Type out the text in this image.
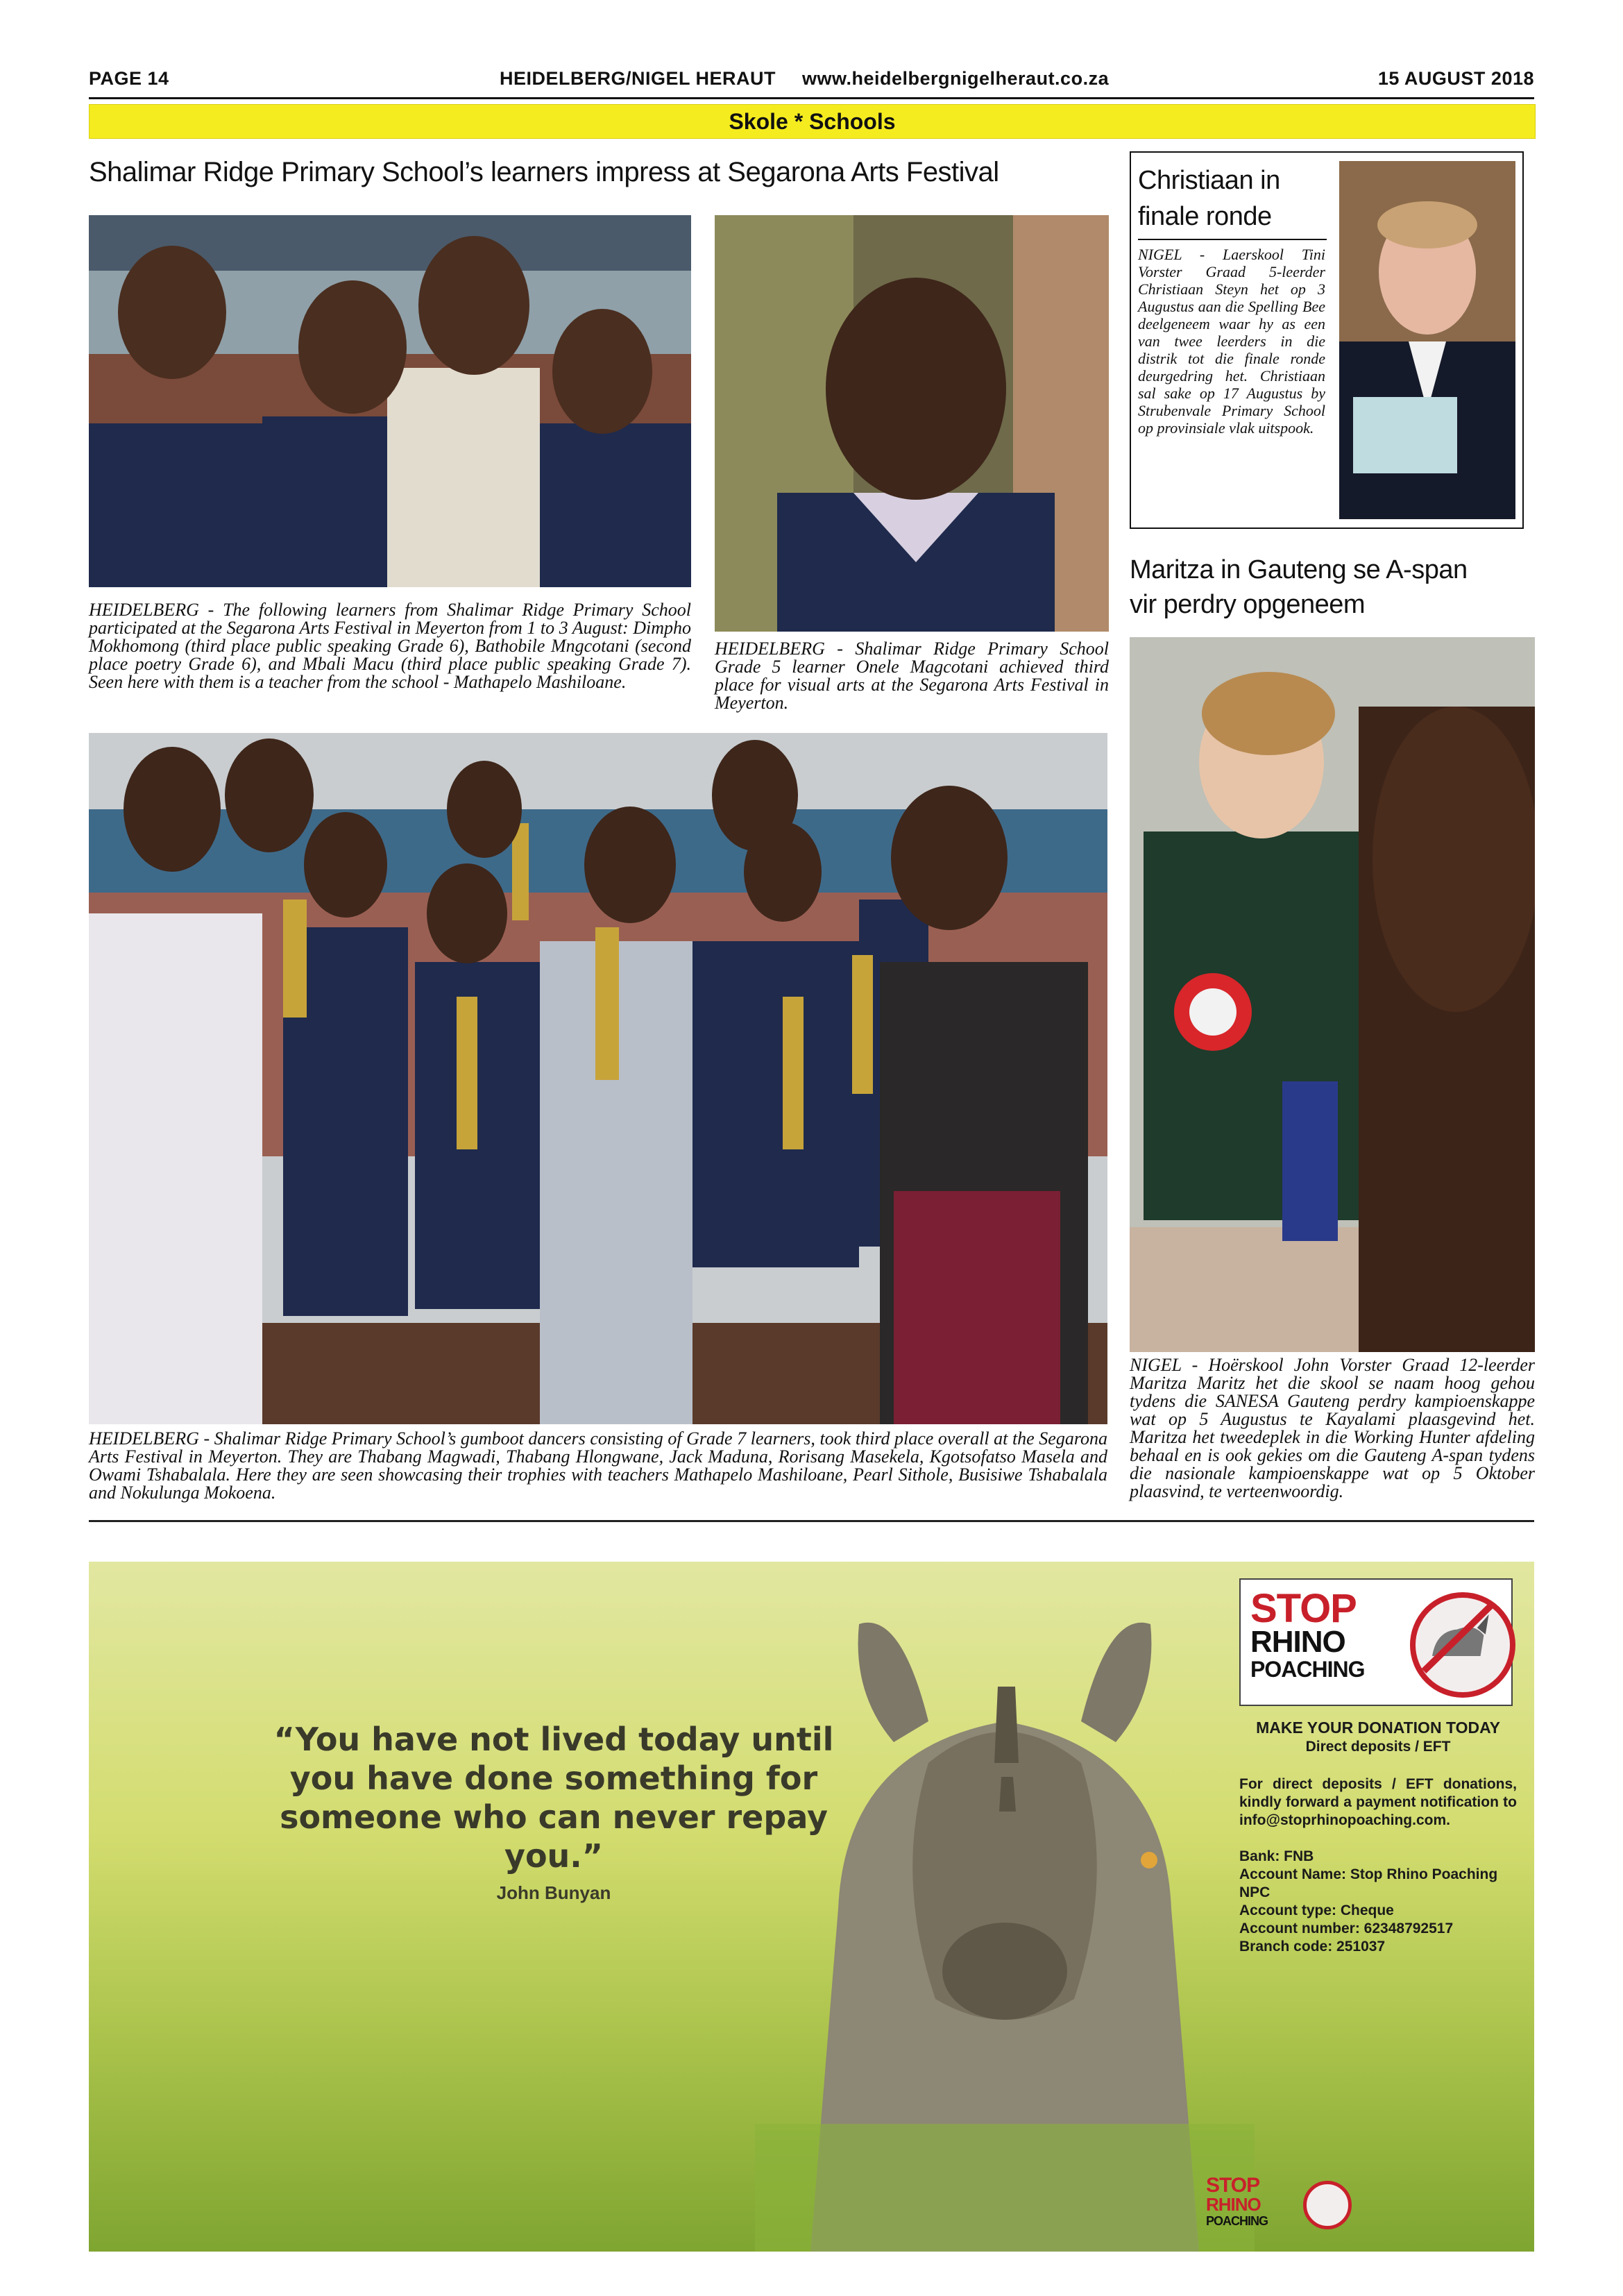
PAGE 14	HEIDELBERG/NIGEL HERAUT www.heidelbergnigelheraut.co.za	15 AUGUST 2018
Skole * Schools
Shalimar Ridge Primary School’s learners impress at Segarona Arts Festival
HEIDELBERG - The following learners from Shalimar Ridge Primary School participated at the Segarona Arts Festival in Meyerton from 1 to 3 August: Dimpho Mokhomong (third place public speaking Grade 6), Bathobile Mngcotani (second place poetry Grade 6), and Mbali Macu (third place public speaking Grade 7). Seen here with them is a teacher from the school - Mathapelo Mashiloane.
HEIDELBERG - Shalimar Ridge Primary School Grade 5 learner Onele Magcotani achieved third place for visual arts at the Segarona Arts Festival in Meyerton.
Christiaan in
finale ronde
NIGEL - Laerskool Tini Vorster Graad 5-leerder Christiaan Steyn het op 3 Augustus aan die Spelling Bee deelgeneem waar hy as een van twee leerders in die distrik tot die finale ronde deurgedring het. Christiaan sal sake op 17 Augustus by Strubenvale Primary School op provinsiale vlak uitspook.
Maritza in Gauteng se A-span
vir perdry opgeneem
HEIDELBERG - Shalimar Ridge Primary School’s gumboot dancers consisting of Grade 7 learners, took third place overall at the Segarona Arts Festival in Meyerton. They are Thabang Magwadi, Thabang Hlongwane, Jack Maduna, Rorisang Masekela, Kgotsofatso Masela and Owami Tshabalala. Here they are seen showcasing their trophies with teachers Mathapelo Mashiloane, Pearl Sithole, Busisiwe Tshabalala and Nokulunga Mokoena.
NIGEL - Hoërskool John Vorster Graad 12-leerder Maritza Maritz het die skool se naam hoog gehou tydens die SANESA Gauteng perdry kampioenskappe wat op 5 Augustus te Kayalami plaasgevind het. Maritza het tweedeplek in die Working Hunter afdeling behaal en is ook gekies om die Gauteng A-span tydens die nasionale kampioenskappe wat op 5 Oktober plaasvind, te verteenwoordig.
“You have not lived today until you have done something for someone who can never repay you.”
John Bunyan
STOP
RHINO
POACHING
MAKE YOUR DONATION TODAY
Direct deposits / EFT
For direct deposits / EFT donations, kindly forward a payment notification to info@stoprhinopoaching.com.
Bank: FNB
Account Name: Stop Rhino Poaching NPC
Account type: Cheque
Account number: 62348792517
Branch code: 251037
STOP
RHINO
POACHING
